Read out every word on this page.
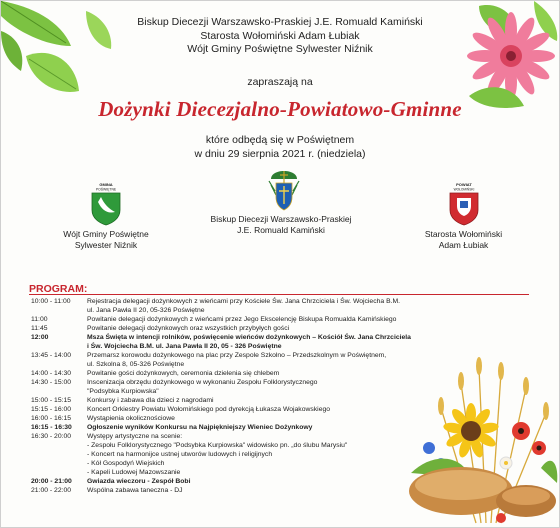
Biskup Diecezji Warszawsko-Praskiej J.E. Romuald Kamiński
Starosta Wołomiński Adam Łubiak
Wójt Gminy Poświętne Sylwester Niźnik
zapraszają na
Dożynki Diecezjalno-Powiatowo-Gminne
które odbędą się w Poświętnem
w dniu 29 sierpnia 2021 r. (niedziela)
GMINA
POŚWIĘTNE
Wójt Gminy Poświętne
Sylwester Niźnik
Biskup Diecezji Warszawsko-Praskiej
J.E. Romuald Kamiński
POWIAT
WOŁOMIŃSKI
Starosta Wołomiński
Adam Łubiak
PROGRAM:
10:00 - 11:00	Rejestracja delegacji dożynkowych z wieńcami przy Kościele Św. Jana Chrzciciela i Św. Wojciecha B.M.
ul. Jana Pawła II 20, 05-326 Poświętne
11:00	Powitanie delegacji dożynkowych z wieńcami przez Jego Ekscelencję Biskupa Romualda Kamińskiego
11:45	Powitanie delegacji dożynkowych oraz wszystkich przybyłych gości
12:00	Msza Święta w intencji rolników, poświęcenie wieńców dożynkowych – Kościół Św. Jana Chrzciciela
i Św. Wojciecha B.M. ul. Jana Pawła II 20, 05 - 326 Poświętne
13:45 - 14:00	Przemarsz korowodu dożynkowego na plac przy Zespole Szkolno – Przedszkolnym w Poświętnem,
ul. Szkolna 8, 05-326 Poświętne
14:00 - 14:30	Powitanie gości dożynkowych, ceremonia dzielenia się chlebem
14:30 - 15:00	Inscenizacja obrzędu dożynkowego w wykonaniu Zespołu Folklorystycznego
"Podsybka Kurpiowska"
15:00 - 15:15	Konkursy i zabawa dla dzieci z nagrodami
15:15 - 16:00	Koncert Orkiestry Powiatu Wołomińskiego pod dyrekcją Łukasza Wojakowskiego
16:00 - 16:15	Wystąpienia okolicznościowe
16:15 - 16:30	Ogłoszenie wyników Konkursu na Najpiękniejszy Wieniec Dożynkowy
16:30 - 20:00	Występy artystyczne na scenie:
- Zespołu Folklorystycznego "Podsybka Kurpiowska" widowisko pn. „do ślubu Marysiu"
- Koncert na harmonijce ustnej utworów ludowych i religijnych
- Kół Gospodyń Wiejskich
- Kapeli Ludowej Mazowszanie
20:00 - 21:00	Gwiazda wieczoru - Zespół Bobi
21:00 - 22:00	Wspólna zabawa taneczna - DJ
